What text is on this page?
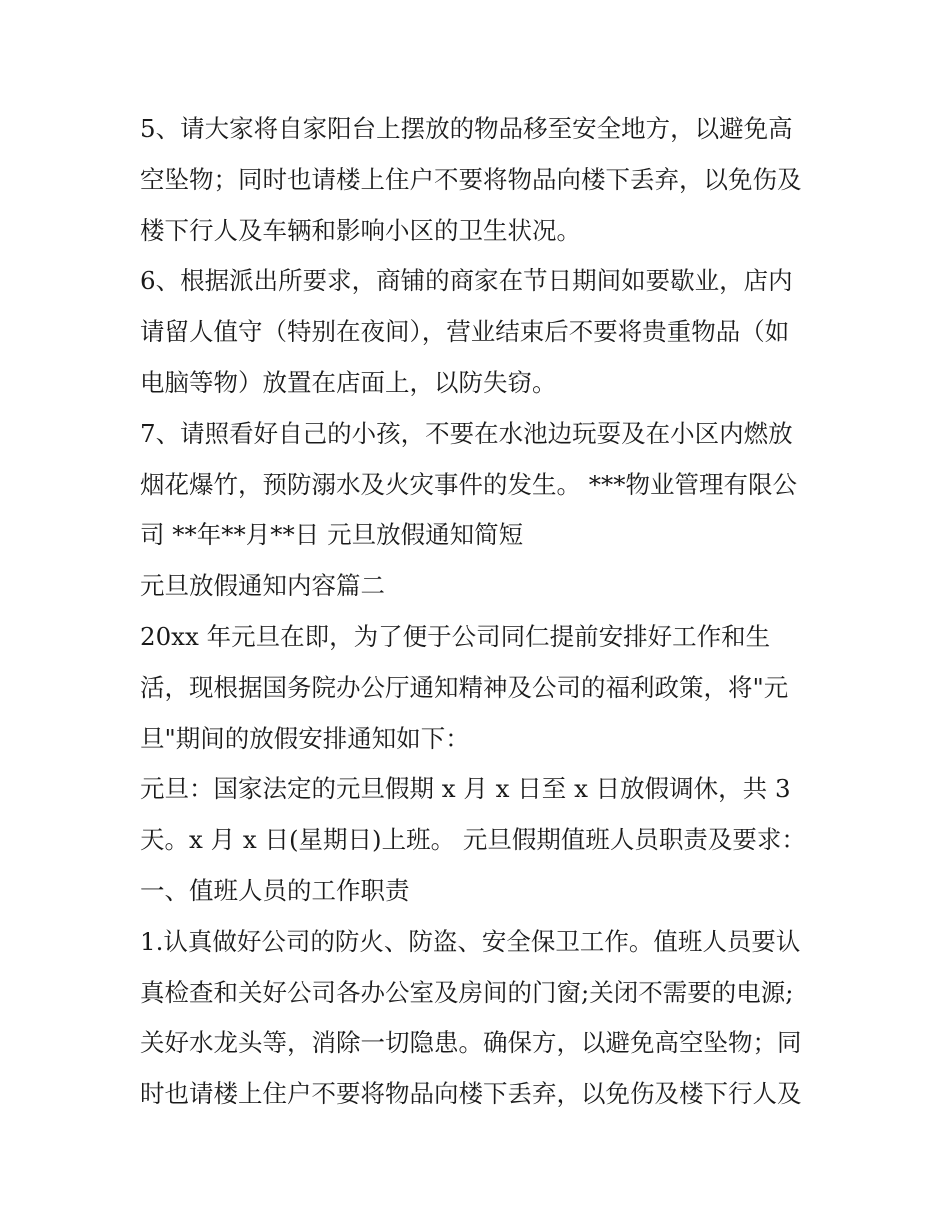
5、请大家将自家阳台上摆放的物品移至安全地方，以避免高
空坠物；同时也请楼上住户不要将物品向楼下丢弃，以免伤及
楼下行人及车辆和影响小区的卫生状况。
6、根据派出所要求，商铺的商家在节日期间如要歇业，店内
请留人值守（特别在夜间），营业结束后不要将贵重物品（如
电脑等物）放置在店面上，以防失窃。
7、请照看好自己的小孩，不要在水池边玩耍及在小区内燃放
烟花爆竹，预防溺水及火灾事件的发生。 ***物业管理有限公
司 **年**月**日 元旦放假通知简短
元旦放假通知内容篇二
20xx 年元旦在即，为了便于公司同仁提前安排好工作和生
活，现根据国务院办公厅通知精神及公司的福利政策，将"元
旦"期间的放假安排通知如下：
元旦：国家法定的元旦假期 x 月 x 日至 x 日放假调休，共 3
天。x 月 x 日(星期日)上班。 元旦假期值班人员职责及要求：
一、值班人员的工作职责
1.认真做好公司的防火、防盗、安全保卫工作。值班人员要认
真检查和关好公司各办公室及房间的门窗;关闭不需要的电源;
关好水龙头等，消除一切隐患。确保方，以避免高空坠物；同
时也请楼上住户不要将物品向楼下丢弃，以免伤及楼下行人及
